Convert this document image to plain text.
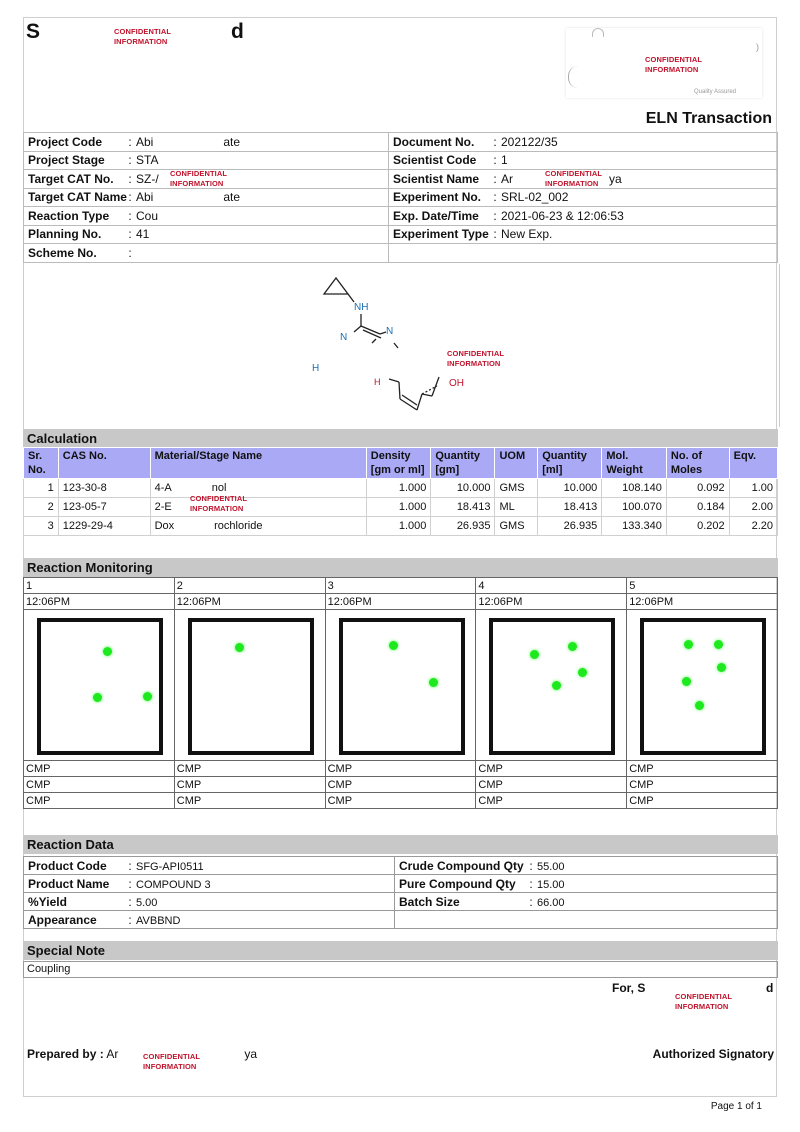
S	d
CONFIDENTIAL
INFORMATION
)
Quality Assured
CONFIDENTIAL
INFORMATION
ELN Transaction
Project Code : Abi ate	Document No. : 202122/35
Project Stage : STA	Scientist Code : 1
Target CAT No. : SZ-/ CONFIDENTIAL
INFORMATION	Scientist Name : Ar ya
CONFIDENTIAL
INFORMATION

Target CAT Name: Abi ate	Experiment No. : SRL-02_002
Reaction Type : Cou	Exp. Date/Time : 2021-06-23 & 12:06:53
Planning No. : 41	Experiment Type : New Exp.
Scheme No. :	
NH
N
N
H
H	OH
CONFIDENTIAL
INFORMATION
Calculation
Sr. No.	CAS No.	Material/Stage Name	Density [gm or ml]	Quantity [gm]	UOM	Quantity [ml]	Mol. Weight	No. of Moles	Eqv.
1	123-30-8	4-A nol	1.000	10.000	GMS	10.000	108.140	0.092	1.00
2	123-05-7	2-E	1.000	18.413	ML	18.413	100.070	0.184	2.00
3	1229-29-4	Dox rochloride	1.000	26.935	GMS	26.935	133.340	0.202	2.20
CONFIDENTIAL
INFORMATION
Reaction Monitoring
1	2	3	4	5
12:06PM	12:06PM	12:06PM	12:06PM	12:06PM

CMP	CMP	CMP	CMP	CMP
CMP	CMP	CMP	CMP	CMP
CMP	CMP	CMP	CMP	CMP
Reaction Data
Product Code : SFG-API0511	Crude Compound Qty : 55.00
Product Name : COMPOUND 3	Pure Compound Qty : 15.00
%Yield : 5.00	Batch Size : 66.00
Appearance : AVBBND	
Special Note
Coupling
For, S	d
CONFIDENTIAL
INFORMATION
Prepared by : Ar	ya
CONFIDENTIAL
INFORMATION
Authorized Signatory
Page 1 of 1
